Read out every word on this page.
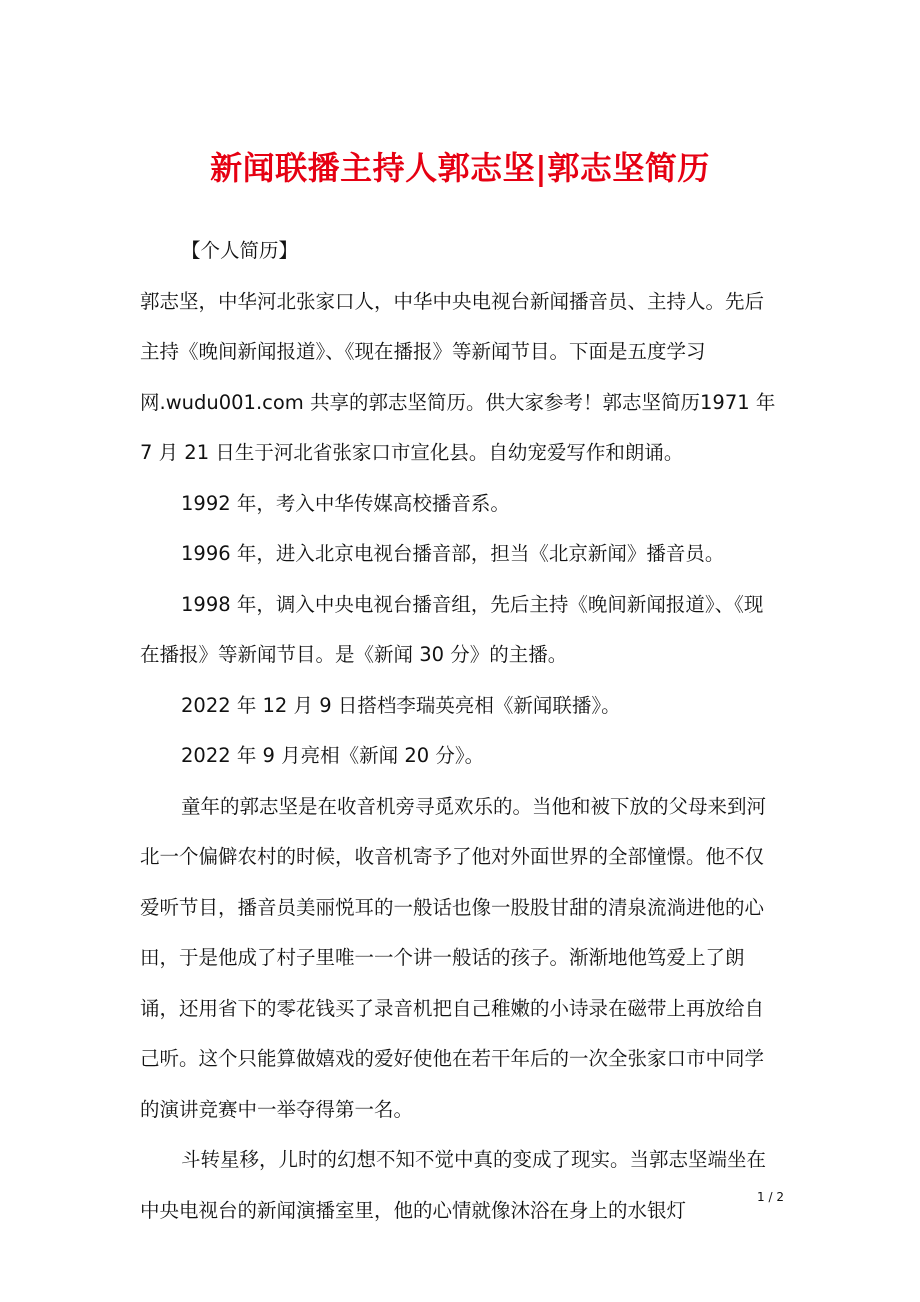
新闻联播主持人郭志坚|郭志坚简历

【个人简历】

郭志坚，中华河北张家口人，中华中央电视台新闻播音员、主持人。先后主持《晚间新闻报道》、《现在播报》等新闻节目。下面是五度学习网.wudu001.com 共享的郭志坚简历。供大家参考！郭志坚简历1971 年 7 月 21 日生于河北省张家口市宣化县。自幼宠爱写作和朗诵。

1992 年，考入中华传媒高校播音系。

1996 年，进入北京电视台播音部，担当《北京新闻》播音员。

1998 年，调入中央电视台播音组，先后主持《晚间新闻报道》、《现在播报》等新闻节目。是《新闻 30 分》的主播。

2022 年 12 月 9 日搭档李瑞英亮相《新闻联播》。

2022 年 9 月亮相《新闻 20 分》。

童年的郭志坚是在收音机旁寻觅欢乐的。当他和被下放的父母来到河北一个偏僻农村的时候，收音机寄予了他对外面世界的全部憧憬。他不仅爱听节目，播音员美丽悦耳的一般话也像一股股甘甜的清泉流淌进他的心田，于是他成了村子里唯一一个讲一般话的孩子。渐渐地他笃爱上了朗诵，还用省下的零花钱买了录音机把自己稚嫩的小诗录在磁带上再放给自己听。这个只能算做嬉戏的爱好使他在若干年后的一次全张家口市中同学的演讲竞赛中一举夺得第一名。

斗转星移，儿时的幻想不知不觉中真的变成了现实。当郭志坚端坐在中央电视台的新闻演播室里，他的心情就像沐浴在身上的水银灯

1 / 2
